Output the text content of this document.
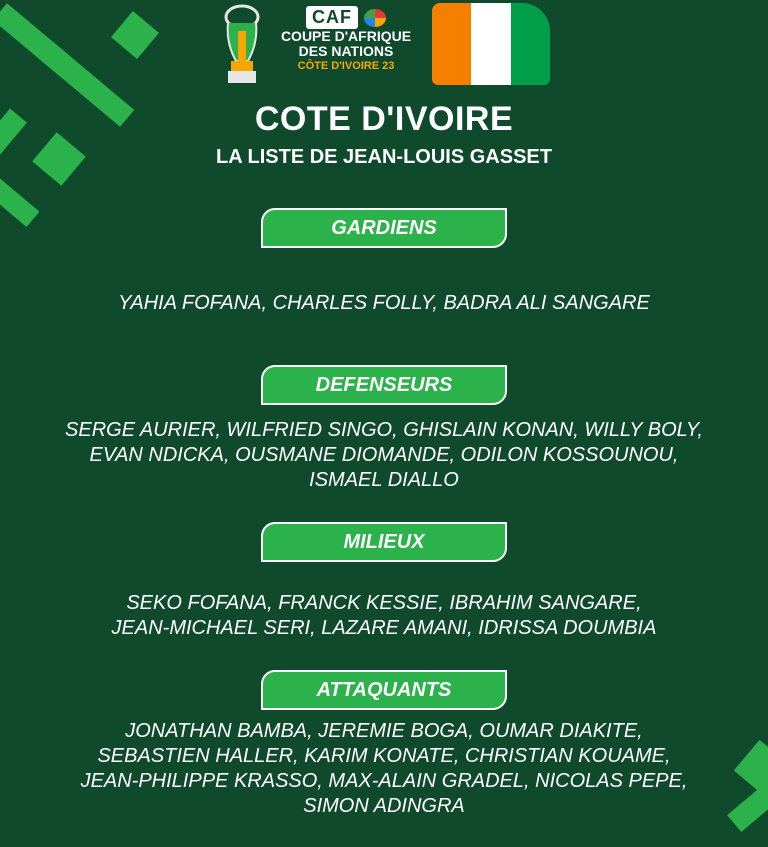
CAF
COUPE D'AFRIQUE
DES NATIONS
CÔTE D'IVOIRE 23
COTE D'IVOIRE
LA LISTE DE JEAN-LOUIS GASSET
GARDIENS
YAHIA FOFANA, CHARLES FOLLY, BADRA ALI SANGARE
DEFENSEURS
SERGE AURIER, WILFRIED SINGO, GHISLAIN KONAN, WILLY BOLY,
EVAN NDICKA, OUSMANE DIOMANDE, ODILON KOSSOUNOU,
ISMAEL DIALLO
MILIEUX
SEKO FOFANA, FRANCK KESSIE, IBRAHIM SANGARE,
JEAN-MICHAEL SERI, LAZARE AMANI, IDRISSA DOUMBIA
ATTAQUANTS
JONATHAN BAMBA, JEREMIE BOGA, OUMAR DIAKITE,
SEBASTIEN HALLER, KARIM KONATE, CHRISTIAN KOUAME,
JEAN-PHILIPPE KRASSO, MAX-ALAIN GRADEL, NICOLAS PEPE,
SIMON ADINGRA
